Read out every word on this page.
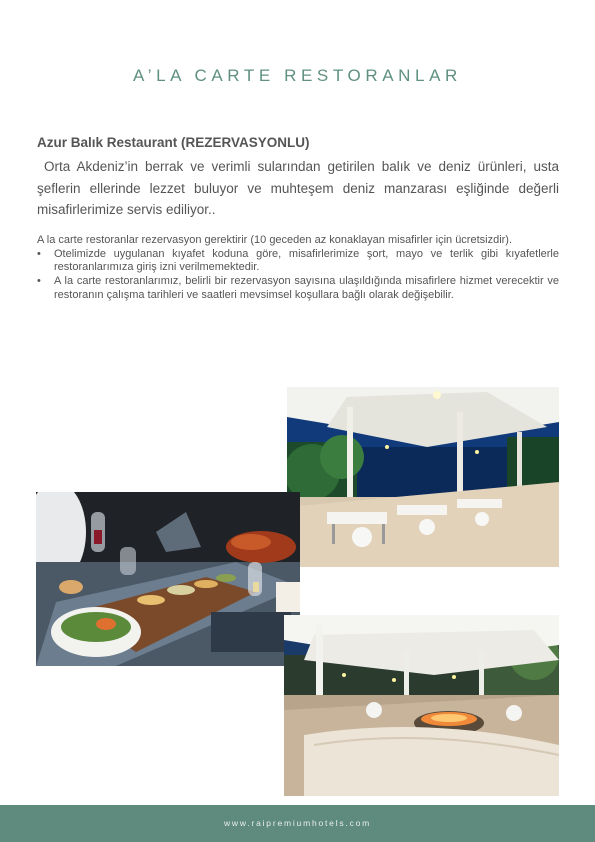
A’LA CARTE RESTORANLAR
Azur Balık Restaurant (REZERVASYONLU)
Orta Akdeniz’in berrak ve verimli sularından getirilen balık ve deniz ürünleri, usta şeflerin ellerinde lezzet buluyor ve muhteşem deniz manzarası eşliğinde değerli misafirlerimize servis ediliyor..

A la carte restoranlar rezervasyon gerektirir (10 geceden az konaklayan misafirler için ücretsizdir).

• Otelimizde uygulanan kıyafet koduna göre, misafirlerimize şort, mayo ve terlik gibi kıyafetlerle restoranlarımıza giriş izni verilmemektedir.
• A la carte restoranlarımız, belirli bir rezervasyon sayısına ulaşıldığında misafirlere hizmet verecektir ve restoranın çalışma tarihleri ve saatleri mevsimsel koşullara bağlı olarak değişebilir.
www.raipremiumhotels.com
